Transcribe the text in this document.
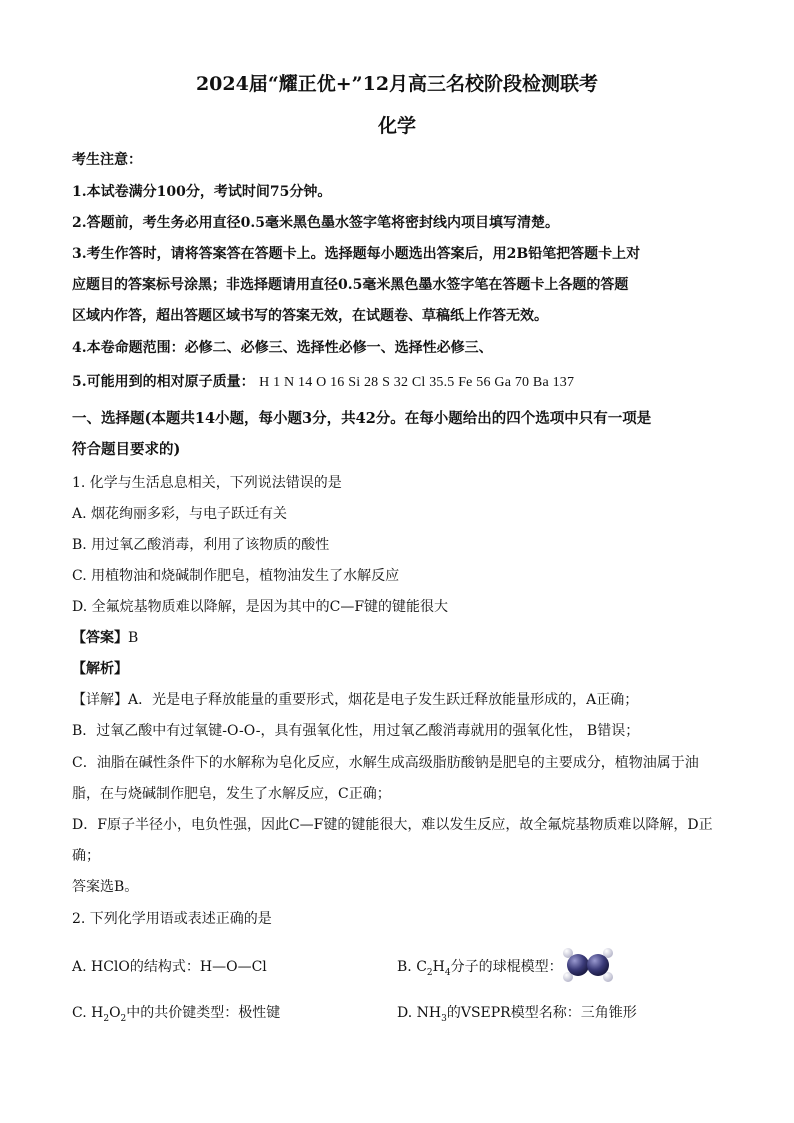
2024届“耀正优+”12月高三名校阶段检测联考
化学
考生注意：
1.本试卷满分100分，考试时间75分钟。
2.答题前，考生务必用直径0.5毫米黑色墨水签字笔将密封线内项目填写清楚。
3.考生作答时，请将答案答在答题卡上。选择题每小题选出答案后，用2B铅笔把答题卡上对
应题目的答案标号涂黑；非选择题请用直径0.5毫米黑色墨水签字笔在答题卡上各题的答题
区域内作答，超出答题区域书写的答案无效，在试题卷、草稿纸上作答无效。
4.本卷命题范围：必修二、必修三、选择性必修一、选择性必修三、
5.可能用到的相对原子质量： H 1 N 14 O 16 Si 28 S 32 Cl 35.5 Fe 56 Ga 70 Ba 137
一、选择题(本题共14小题，每小题3分，共42分。在每小题给出的四个选项中只有一项是
符合题目要求的)
1. 化学与生活息息相关，下列说法错误的是
A. 烟花绚丽多彩，与电子跃迁有关
B. 用过氧乙酸消毒，利用了该物质的酸性
C. 用植物油和烧碱制作肥皂，植物油发生了水解反应
D. 全氟烷基物质难以降解，是因为其中的C—F键的键能很大
【答案】B
【解析】
【详解】A．光是电子释放能量的重要形式，烟花是电子发生跃迁释放能量形成的，A正确；
B．过氧乙酸中有过氧键-O-O-，具有强氧化性，用过氧乙酸消毒就用的强氧化性， B错误；
C．油脂在碱性条件下的水解称为皂化反应，水解生成高级脂肪酸钠是肥皂的主要成分，植物油属于油
脂，在与烧碱制作肥皂，发生了水解反应，C正确；
D．F原子半径小，电负性强，因此C—F键的键能很大，难以发生反应，故全氟烷基物质难以降解，D正
确；
答案选B。
2. 下列化学用语或表述正确的是
A. HClO的结构式：H—O—Cl	B. $C_2H_4$分子的球棍模型：
C. $H_2O_2$中的共价键类型：极性键	D. $NH_3$的VSEPR模型名称：三角锥形
